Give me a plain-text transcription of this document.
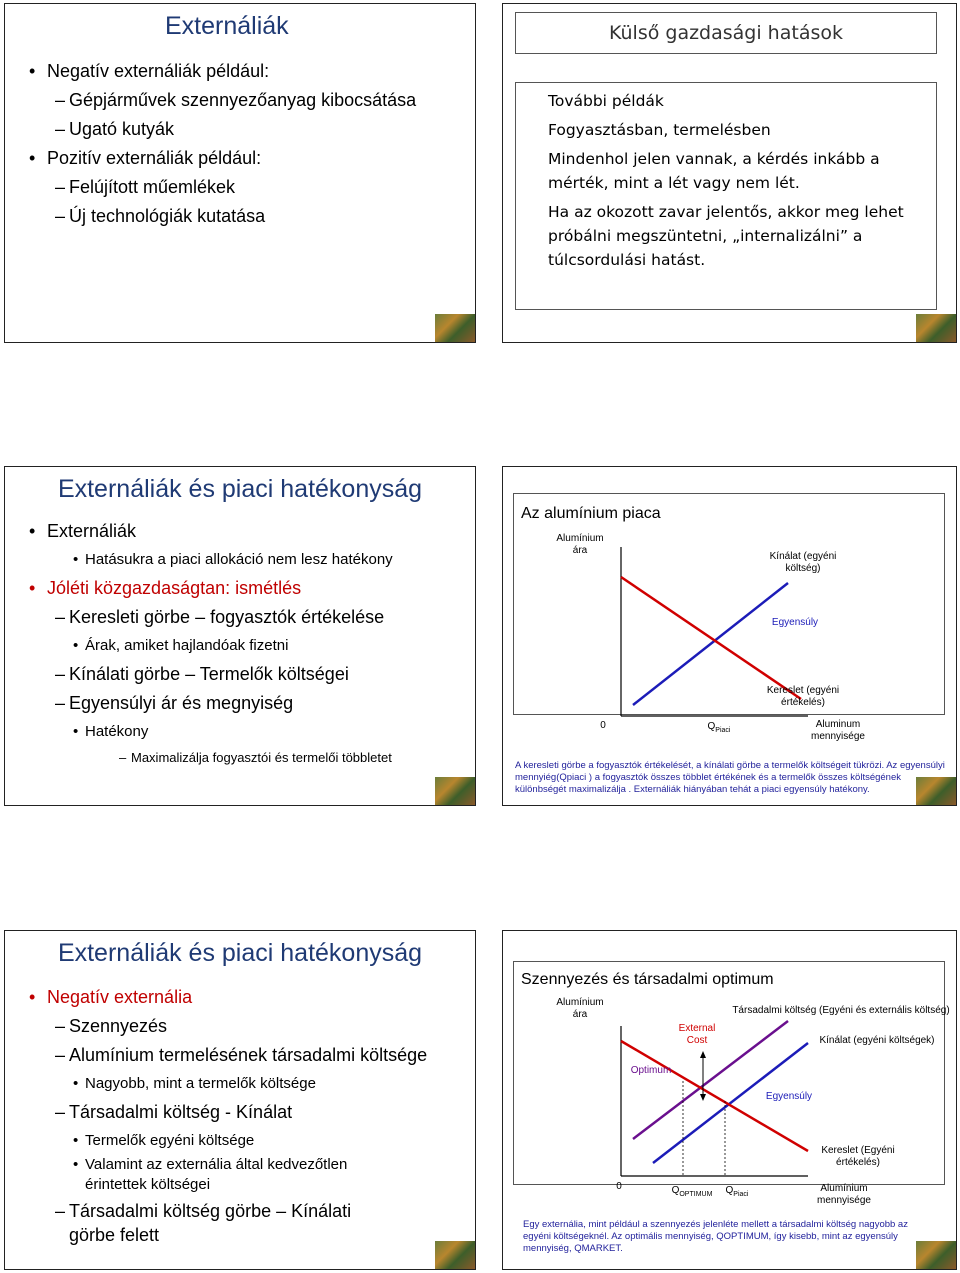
Externáliák
• Negatív externáliák például:
– Gépjárművek szennyezőanyag kibocsátása
– Ugató kutyák
• Pozitív externáliák például:
– Felújított műemlékek
– Új technológiák kutatása
Külső gazdasági hatások
További példák
Fogyasztásban, termelésben
Mindenhol jelen vannak, a kérdés inkább a mérték, mint a lét vagy nem lét.
Ha az okozott zavar jelentős, akkor meg lehet próbálni megszüntetni, „internalizálni” a túlcsordulási hatást.
Externáliák és piaci hatékonyság
• Externáliák
• Hatásukra a piaci allokáció nem lesz hatékony
• Jóléti közgazdaságtan: ismétlés
– Keresleti görbe – fogyasztók értékelése
• Árak, amiket hajlandóak fizetni
– Kínálati görbe – Termelők költségei
– Egyensúlyi ár és megnyiség
• Hatékony
– Maximalizálja fogyasztói és termelői többletet
Az alumínium piaca
Alumínium ára
Kínálat (egyéni költség)
Egyensúly
Kereslet (egyéni értékelés)
0	$Q_{Piaci}$
Aluminum mennyisége
A keresleti görbe a fogyasztók értékelését, a kínálati görbe a termelők költségeit tükrözi. Az egyensúlyi mennyiég(Qpiaci ) a fogyasztók összes többlet értékének és a termelők összes költségének különbségét maximalizálja . Externáliák hiányában tehát a piaci egyensúly hatékony.
Externáliák és piaci hatékonyság
• Negatív externália
– Szennyezés
– Alumínium termelésének társadalmi költsége
• Nagyobb, mint a termelők költsége
– Társadalmi költség - Kínálat
• Termelők egyéni költsége
• Valamint az externália által kedvezőtlen érintettek költségei
– Társadalmi költség görbe – Kínálati görbe felett
Szennyezés és társadalmi optimum
Alumínium ára	Társadalmi költség (Egyéni és externális költség)
External Cost	Kínálat (egyéni költségek)
Optimum
Egyensúly
Kereslet (Egyéni értékelés)
0	$Q_{OPTIMUM}$	$Q_{Piaci}$
Alumínium mennyisége
Egy externália, mint például a szennyezés jelenléte mellett a társadalmi költség nagyobb az egyéni költségeknél. Az optimális mennyiség, QOPTIMUM, így kisebb, mint az egyensúly mennyiség, QMARKET.
